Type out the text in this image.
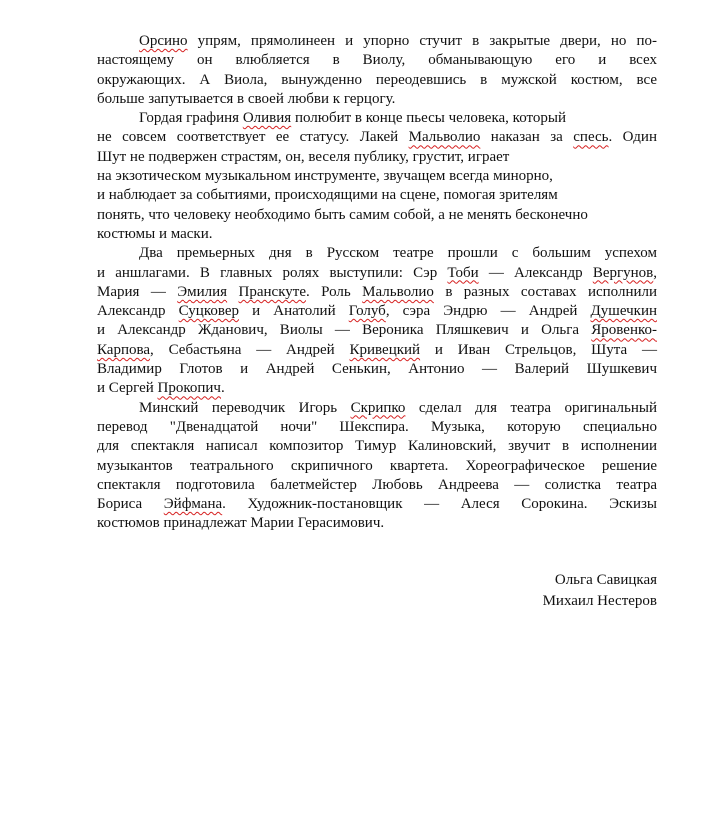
Орсино упрям, прямолинеен и упорно стучит в закрытые двери, но по-
настоящему он влюбляется в Виолу, обманывающую его и всех
окружающих. А Виола, вынужденно переодевшись в мужской костюм, все
больше запутывается в своей любви к герцогу.
Гордая графиня Оливия полюбит в конце пьесы человека, который
не совсем соответствует ее статусу. Лакей Мальволио наказан за спесь. Один
Шут не подвержен страстям, он, веселя публику, грустит, играет
на экзотическом музыкальном инструменте, звучащем всегда минорно,
и наблюдает за событиями, происходящими на сцене, помогая зрителям
понять, что человеку необходимо быть самим собой, а не менять бесконечно
костюмы и маски.
Два премьерных дня в Русском театре прошли с большим успехом
и аншлагами. В главных ролях выступили: Сэр Тоби — Александр Вергунов,
Мария — Эмилия Пранскуте. Роль Мальволио в разных составах исполнили
Александр Суцковер и Анатолий Голуб, сэра Эндрю — Андрей Душечкин
и Александр Жданович, Виолы — Вероника Пляшкевич и Ольга Яровенко-
Карпова, Себастьяна — Андрей Кривецкий и Иван Стрельцов, Шута —
Владимир Глотов и Андрей Сенькин, Антонио — Валерий Шушкевич
и Сергей Прокопич.
Минский переводчик Игорь Скрипко сделал для театра оригинальный
перевод "Двенадцатой ночи" Шекспира. Музыка, которую специально
для спектакля написал композитор Тимур Калиновский, звучит в исполнении
музыкантов театрального скрипичного квартета. Хореографическое решение
спектакля подготовила балетмейстер Любовь Андреева — солистка театра
Бориса Эйфмана. Художник-постановщик — Алеся Сорокина. Эскизы
костюмов принадлежат Марии Герасимович.
Ольга Савицкая
Михаил Нестеров
